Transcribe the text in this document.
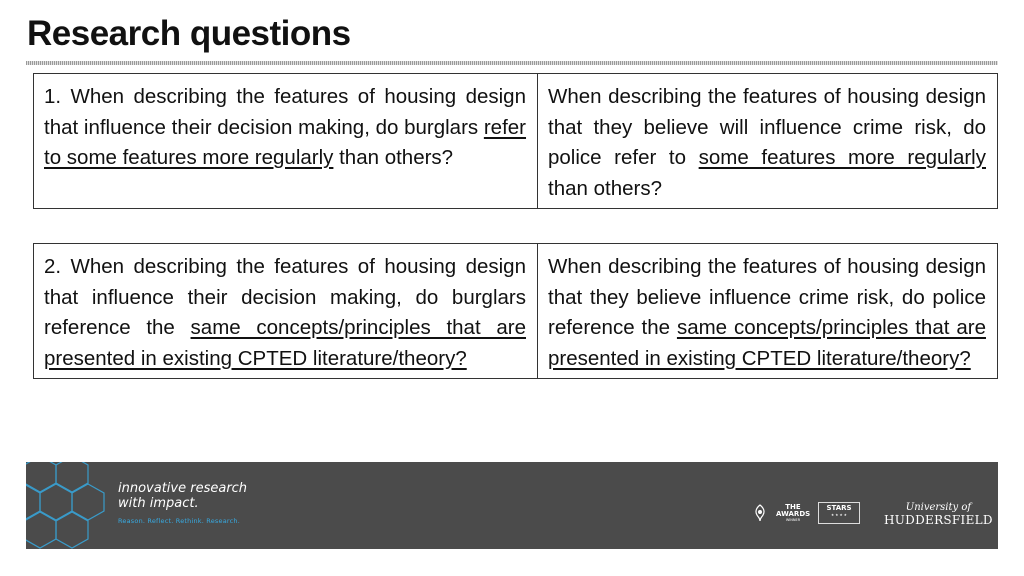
Research questions
1. When describing the features of housing design that influence their decision making, do burglars refer to some features more regularly than others?	When describing the features of housing design that they believe will influence crime risk, do police refer to some features more regularly than others?
2. When describing the features of housing design that influence their decision making, do burglars reference the same concepts/principles that are presented in existing CPTED literature/theory?	When describing the features of housing design that they believe influence crime risk, do police reference the same concepts/principles that are presented in existing CPTED literature/theory?
innovative research with impact.
Reason. Reflect. Rethink. Research.
THE AWARDS
WINNER
STARS
★ ★ ★ ★
University of
HUDDERSFIELD
